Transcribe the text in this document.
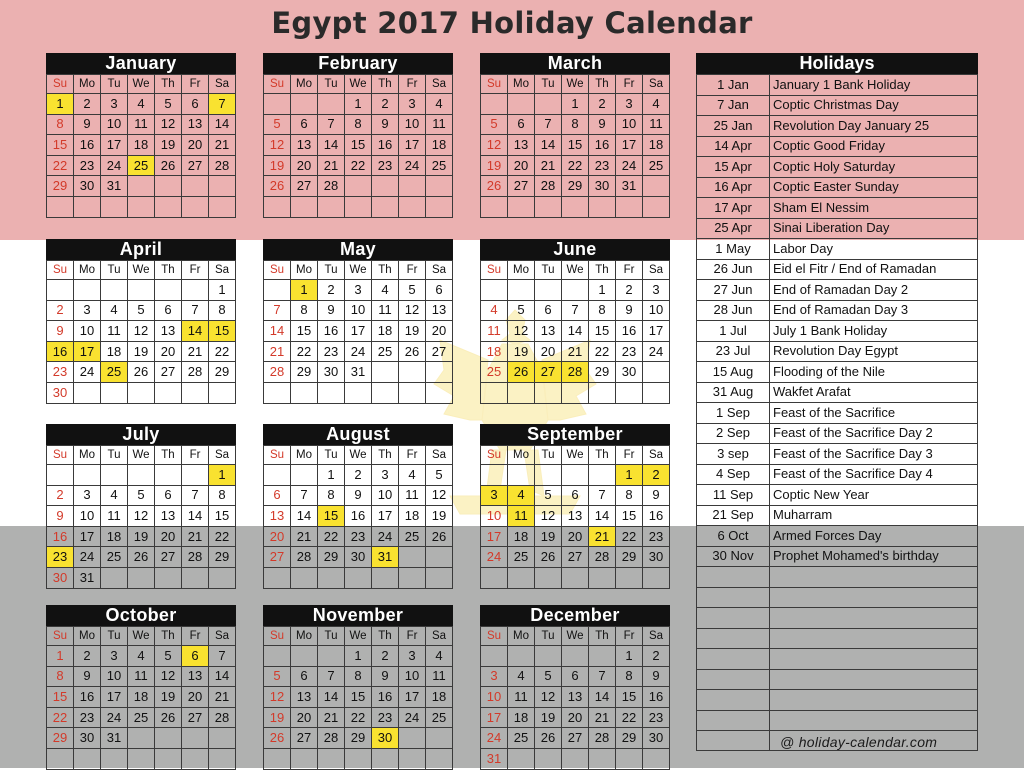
Egypt 2017 Holiday Calendar
January
Su	Mo	Tu	We	Th	Fr	Sa
1	2	3	4	5	6	7
8	9	10	11	12	13	14
15	16	17	18	19	20	21
22	23	24	25	26	27	28
29	30	31				

February
Su	Mo	Tu	We	Th	Fr	Sa
			1	2	3	4
5	6	7	8	9	10	11
12	13	14	15	16	17	18
19	20	21	22	23	24	25
26	27	28				

March
Su	Mo	Tu	We	Th	Fr	Sa
			1	2	3	4
5	6	7	8	9	10	11
12	13	14	15	16	17	18
19	20	21	22	23	24	25
26	27	28	29	30	31	

April
Su	Mo	Tu	We	Th	Fr	Sa
						1
2	3	4	5	6	7	8
9	10	11	12	13	14	15
16	17	18	19	20	21	22
23	24	25	26	27	28	29
30						
May
Su	Mo	Tu	We	Th	Fr	Sa
	1	2	3	4	5	6
7	8	9	10	11	12	13
14	15	16	17	18	19	20
21	22	23	24	25	26	27
28	29	30	31			

June
Su	Mo	Tu	We	Th	Fr	Sa
				1	2	3
4	5	6	7	8	9	10
11	12	13	14	15	16	17
18	19	20	21	22	23	24
25	26	27	28	29	30	

July
Su	Mo	Tu	We	Th	Fr	Sa
						1
2	3	4	5	6	7	8
9	10	11	12	13	14	15
16	17	18	19	20	21	22
23	24	25	26	27	28	29
30	31					
August
Su	Mo	Tu	We	Th	Fr	Sa
		1	2	3	4	5
6	7	8	9	10	11	12
13	14	15	16	17	18	19
20	21	22	23	24	25	26
27	28	29	30	31		

September
Su	Mo	Tu	We	Th	Fr	Sa
					1	2
3	4	5	6	7	8	9
10	11	12	13	14	15	16
17	18	19	20	21	22	23
24	25	26	27	28	29	30

October
Su	Mo	Tu	We	Th	Fr	Sa
1	2	3	4	5	6	7
8	9	10	11	12	13	14
15	16	17	18	19	20	21
22	23	24	25	26	27	28
29	30	31				

November
Su	Mo	Tu	We	Th	Fr	Sa
			1	2	3	4
5	6	7	8	9	10	11
12	13	14	15	16	17	18
19	20	21	22	23	24	25
26	27	28	29	30		

December
Su	Mo	Tu	We	Th	Fr	Sa
					1	2
3	4	5	6	7	8	9
10	11	12	13	14	15	16
17	18	19	20	21	22	23
24	25	26	27	28	29	30
31						
Holidays
1 Jan	January 1 Bank Holiday
7 Jan	Coptic Christmas Day
25 Jan	Revolution Day January 25
14 Apr	Coptic Good Friday
15 Apr	Coptic Holy Saturday
16 Apr	Coptic Easter Sunday
17 Apr	Sham El Nessim
25 Apr	Sinai Liberation Day
1 May	Labor Day
26 Jun	Eid el Fitr / End of Ramadan
27 Jun	End of Ramadan Day 2
28 Jun	End of Ramadan Day 3
1 Jul	July 1 Bank Holiday
23 Jul	Revolution Day Egypt
15 Aug	Flooding of the Nile
31 Aug	Wakfet Arafat
1 Sep	Feast of the Sacrifice
2 Sep	Feast of the Sacrifice Day 2
3 sep	Feast of the Sacrifice Day 3
4 Sep	Feast of the Sacrifice Day 4
11 Sep	Coptic New Year
21 Sep	Muharram
6 Oct	Armed Forces Day
30 Nov	Prophet Mohamed's birthday

@ holiday-calendar.com
